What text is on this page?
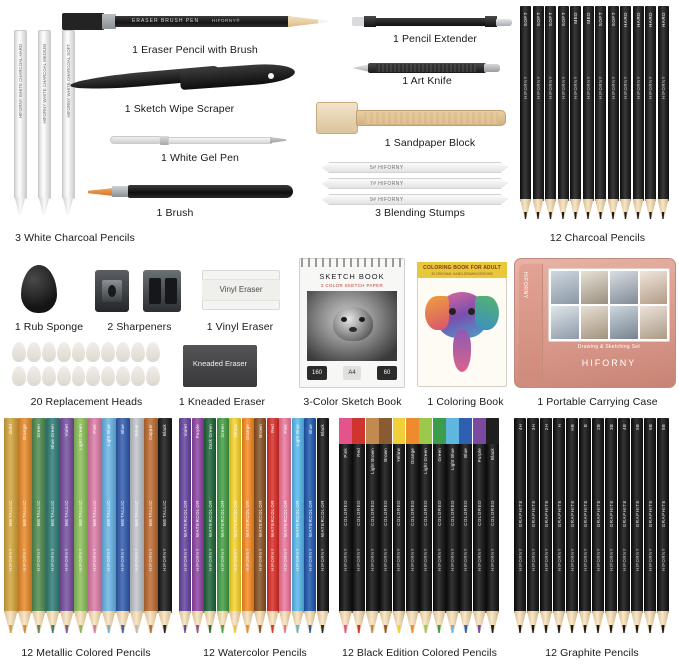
HIFORNY WHITE CHARCOAL HARD	HIFORNY WHITE CHARCOAL MEDIUM	HIFORNY WHITE CHARCOAL SOFT
3 White Charcoal Pencils
ERASER BRUSH PEN	HIFORNY®
1 Eraser Pencil with Brush
1 Sketch Wipe Scraper
1 White Gel Pen
1 Brush
1 Pencil Extender
1 Art Knife
1 Sandpaper Block
5# HIFORNY
7# HIFORNY
9# HIFORNY
3 Blending Stumps
SOFT
HIFORNY
SOFT
HIFORNY
SOFT
HIFORNY
SOFT
HIFORNY
MED
HIFORNY
MED
HIFORNY
SOFT
HIFORNY
SOFT
HIFORNY
HARD
HIFORNY
HARD
HIFORNY
HARD
HIFORNY
HARD
HIFORNY
12 Charcoal Pencils
1 Rub Sponge	2 Sharpeners
Vinyl Eraser
1 Vinyl Eraser
20 Replacement Heads
Kneaded Eraser
1 Kneaded Eraser
SKETCH BOOK
3 COLOR SKETCH PAPER
160	A4	60
3-Color Sketch Book
COLORING BOOK FOR ADULT
30 ORIGINAL HAND-DRAWN DESIGNS
1 Coloring Book
HIFORNY
Drawing & Sketching Set
HIFORNY
1 Portable Carrying Case
Gold
METALLIC
HIFORNY
Orange
METALLIC
HIFORNY
Green
METALLIC
HIFORNY
Blue Green
METALLIC
HIFORNY
Violet
METALLIC
HIFORNY
Light Green
METALLIC
HIFORNY
Pink
METALLIC
HIFORNY
Light Blue
METALLIC
HIFORNY
Blue
METALLIC
HIFORNY
Silver
METALLIC
HIFORNY
Copper
METALLIC
HIFORNY
Black
METALLIC
HIFORNY
12 Metallic Colored Pencils
Violet
WATERCOLOR
HIFORNY
Purple
WATERCOLOR
HIFORNY
Dark Green
WATERCOLOR
HIFORNY
Green
WATERCOLOR
HIFORNY
Yellow
WATERCOLOR
HIFORNY
Orange
WATERCOLOR
HIFORNY
Brown
WATERCOLOR
HIFORNY
Red
WATERCOLOR
HIFORNY
Pink
WATERCOLOR
HIFORNY
Light Blue
WATERCOLOR
HIFORNY
Blue
WATERCOLOR
HIFORNY
Black
WATERCOLOR
HIFORNY
12 Watercolor Pencils
Pink
COLORED
HIFORNY
Red
COLORED
HIFORNY
Light Brown
COLORED
HIFORNY
Brown
COLORED
HIFORNY
Yellow
COLORED
HIFORNY
Orange
COLORED
HIFORNY
Light Green
COLORED
HIFORNY
Green
COLORED
HIFORNY
Light Blue
COLORED
HIFORNY
Blue
COLORED
HIFORNY
Purple
COLORED
HIFORNY
Black
COLORED
HIFORNY
12 Black Edition Colored Pencils
4H
GRAPHITE
HIFORNY
3H
GRAPHITE
HIFORNY
2H
GRAPHITE
HIFORNY
H
GRAPHITE
HIFORNY
HB
GRAPHITE
HIFORNY
B
GRAPHITE
HIFORNY
2B
GRAPHITE
HIFORNY
3B
GRAPHITE
HIFORNY
4B
GRAPHITE
HIFORNY
5B
GRAPHITE
HIFORNY
6B
GRAPHITE
HIFORNY
8B
GRAPHITE
HIFORNY
12 Graphite Pencils
